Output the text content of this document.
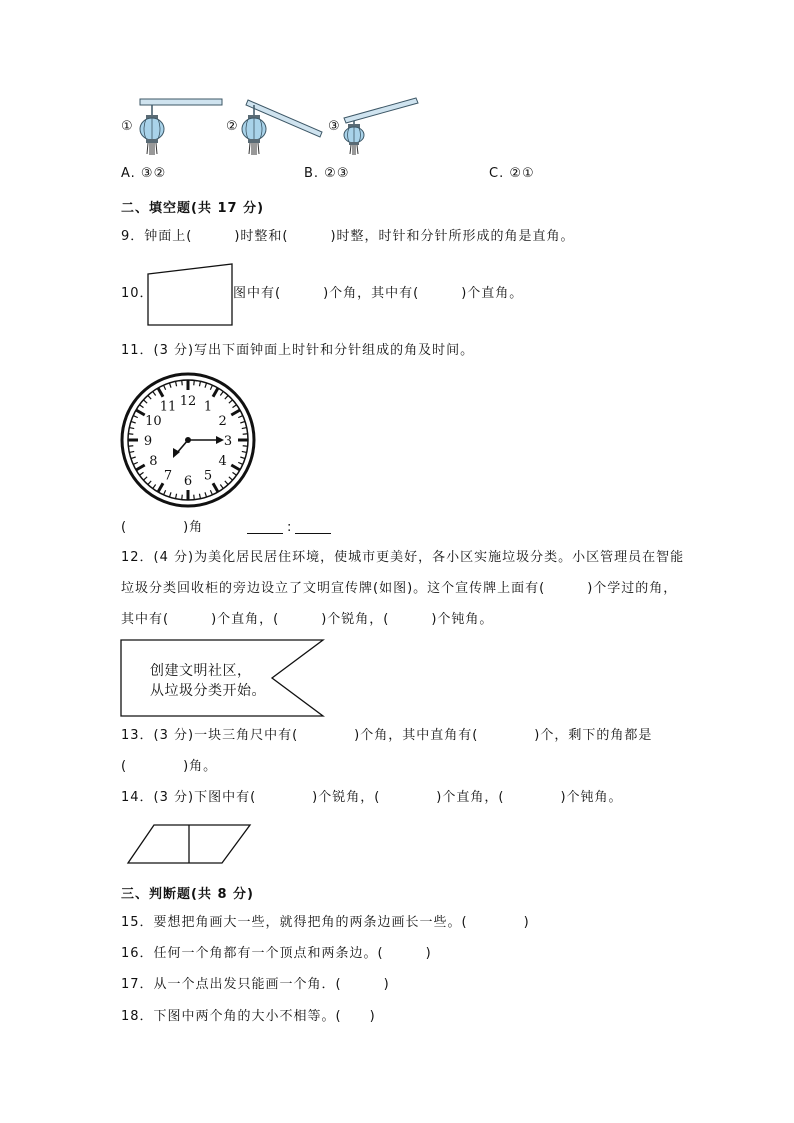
①	②	③
A. ③②	B. ②③	C. ②①
二、填空题(共 17 分)
9．钟面上(　　　)时整和(　　　)时整，时针和分针所形成的角是直角。
10．	图中有(　　　)个角，其中有(　　　)个直角。
11．(3 分)写出下面钟面上时针和分针组成的角及时间。
12 1
2
3
4
5
6
7
8
9
10
11
(　　　　)角	:
12．(4 分)为美化居民居住环境，使城市更美好，各小区实施垃圾分类。小区管理员在智能
垃圾分类回收柜的旁边设立了文明宣传牌(如图)。这个宣传牌上面有(　　　)个学过的角，
其中有(　　　)个直角，(　　　)个锐角，(　　　)个钝角。
创建文明社区，
从垃圾分类开始。
13．(3 分)一块三角尺中有(　　　　)个角，其中直角有(　　　　)个，剩下的角都是
(　　　　)角。
14．(3 分)下图中有(　　　　)个锐角，(　　　　)个直角，(　　　　)个钝角。
三、判断题(共 8 分)
15．要想把角画大一些，就得把角的两条边画长一些。(　　　　)
16．任何一个角都有一个顶点和两条边。(　　　)
17．从一个点出发只能画一个角．(　　　)
18．下图中两个角的大小不相等。(　　)
